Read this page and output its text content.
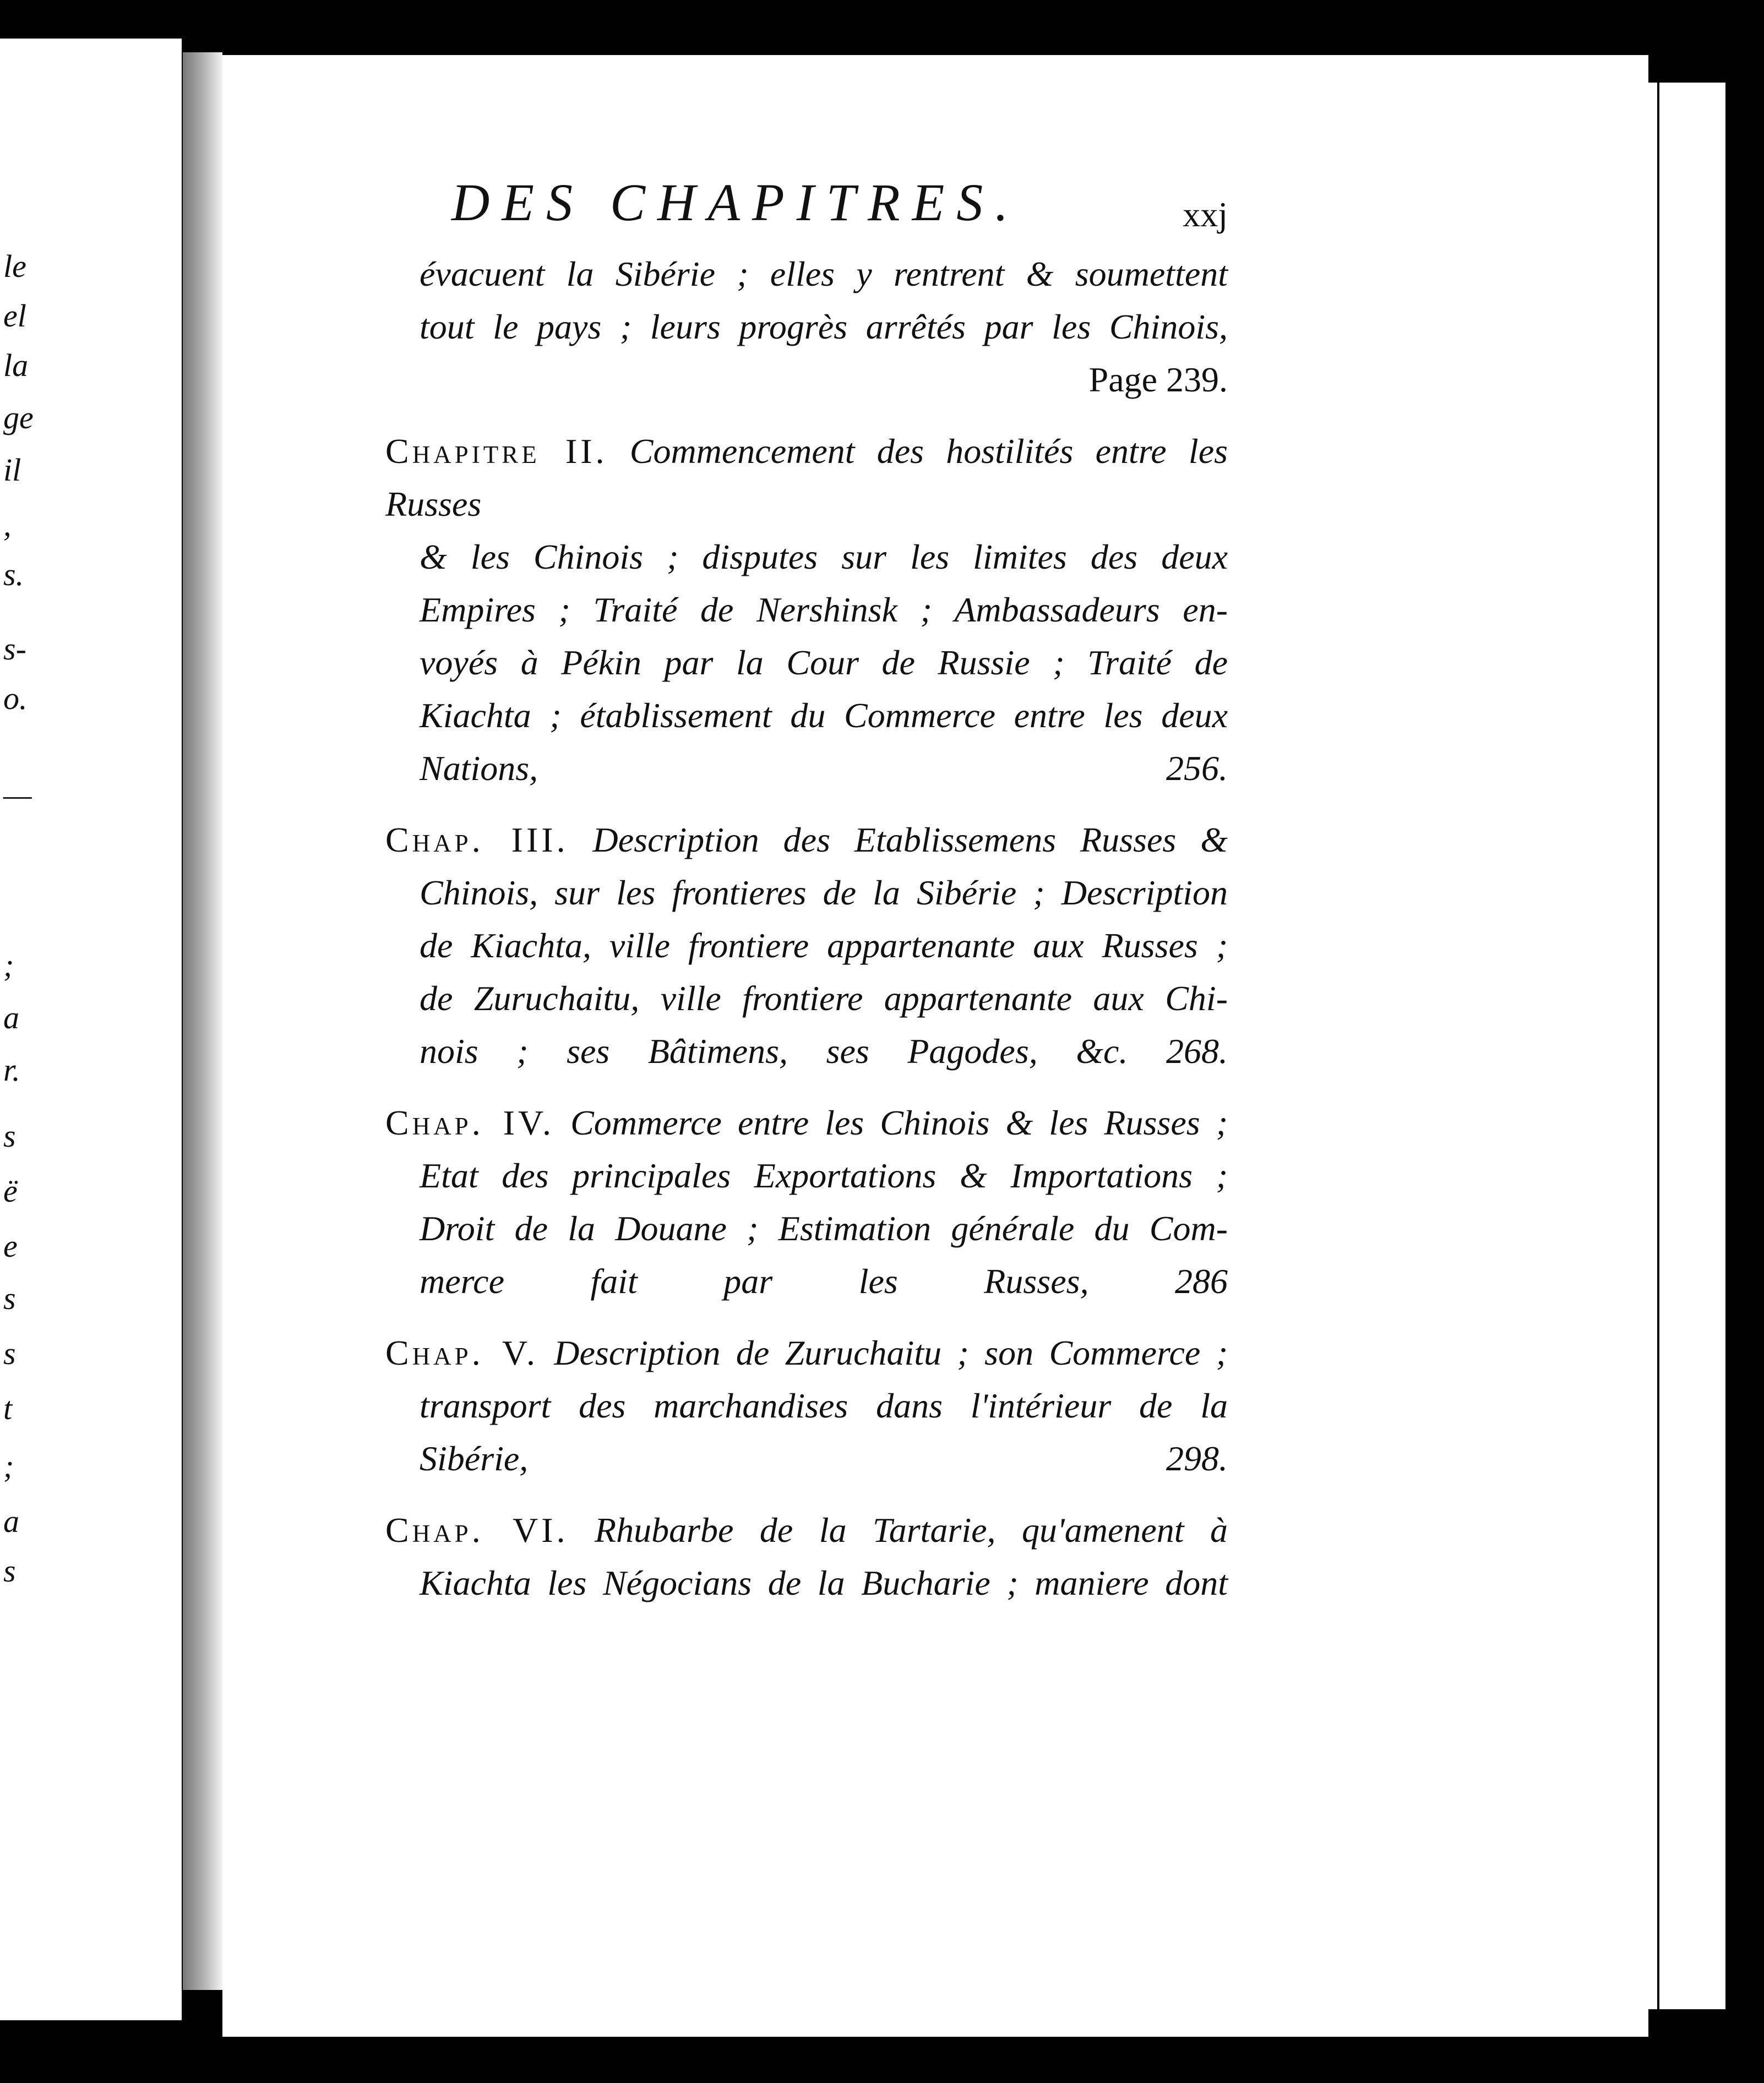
le
el
la
ge
il
,
s.
s-
o.
—
;
a
r.
s
ë
e
s
s
t
;
a
s
DES CHAPITRES.	xxj
évacuent la Sibérie ; elles y rentrent & soumettent
tout le pays ; leurs progrès arrêtés par les Chinois,
Page 239.
Chapitre II. Commencement des hostilités entre les Russes
& les Chinois ; disputes sur les limites des deux
Empires ; Traité de Nershinsk ; Ambassadeurs en-
voyés à Pékin par la Cour de Russie ; Traité de
Kiachta ; établissement du Commerce entre les deux
Nations,	256.
Chap. III. Description des Etablissemens Russes &
Chinois, sur les frontieres de la Sibérie ; Description
de Kiachta, ville frontiere appartenante aux Russes ;
de Zuruchaitu, ville frontiere appartenante aux Chi-
nois ; ses Bâtimens, ses Pagodes, &c. 268.
Chap. IV. Commerce entre les Chinois & les Russes ;
Etat des principales Exportations & Importations ;
Droit de la Douane ; Estimation générale du Com-
merce fait par les Russes, 286
Chap. V. Description de Zuruchaitu ; son Commerce ;
transport des marchandises dans l'intérieur de la
Sibérie,	298.
Chap. VI. Rhubarbe de la Tartarie, qu'amenent à
Kiachta les Négocians de la Bucharie ; maniere dont
